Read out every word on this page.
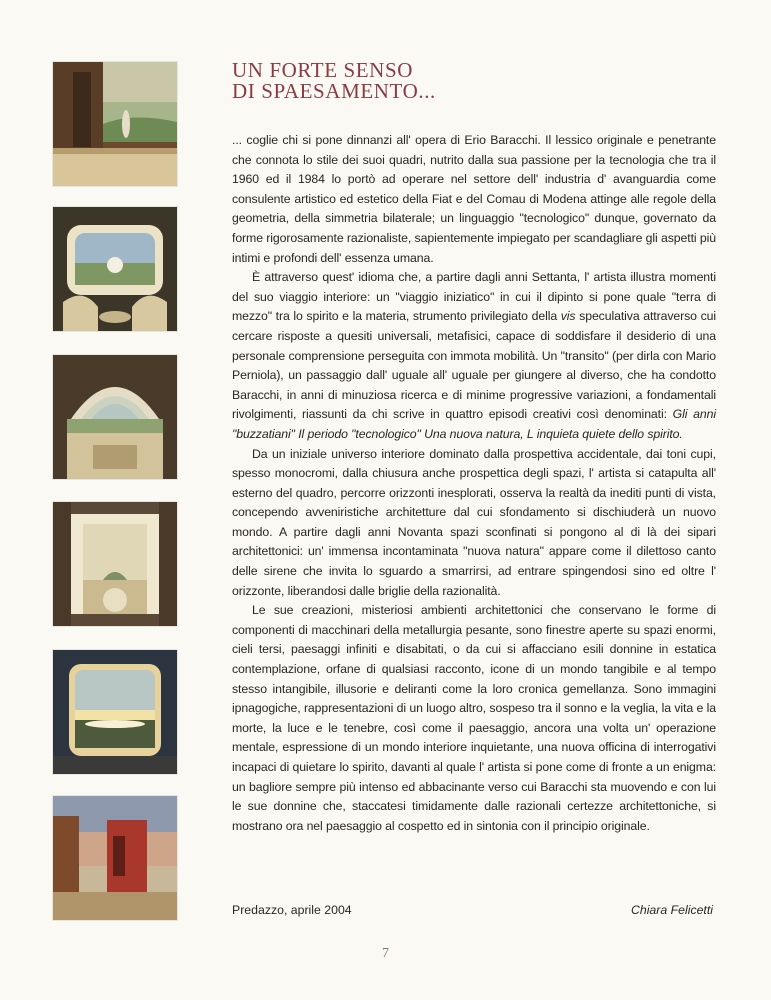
UN FORTE SENSO
DI SPAESAMENTO...

... coglie chi si pone dinnanzi all' opera di Erio Baracchi. Il lessico originale e penetrante che connota lo stile dei suoi quadri, nutrito dalla sua passione per la tecnologia che tra il 1960 ed il 1984 lo portò ad operare nel settore dell' industria d' avanguardia come consulente artistico ed estetico della Fiat e del Comau di Modena attinge alle regole della geometria, della simmetria bilaterale; un linguaggio "tecnologico" dunque, governato da forme rigorosamente razionaliste, sapientemente impiegato per scandagliare gli aspetti più intimi e profondi dell' essenza umana.

È attraverso quest' idioma che, a partire dagli anni Settanta, l' artista illustra momenti del suo viaggio interiore: un "viaggio iniziatico" in cui il dipinto si pone quale "terra di mezzo" tra lo spirito e la materia, strumento privilegiato della vis speculativa attraverso cui cercare risposte a quesiti universali, metafisici, capace di soddisfare il desiderio di una personale comprensione perseguita con immota mobilità. Un "transito" (per dirla con Mario Perniola), un passaggio dall' uguale all' uguale per giungere al diverso, che ha condotto Baracchi, in anni di minuziosa ricerca e di minime progressive variazioni, a fondamentali rivolgimenti, riassunti da chi scrive in quattro episodi creativi così denominati: Gli anni "buzzatiani" Il periodo "tecnologico" Una nuova natura, L inquieta quiete dello spirito.

Da un iniziale universo interiore dominato dalla prospettiva accidentale, dai toni cupi, spesso monocromi, dalla chiusura anche prospettica degli spazi, l' artista si catapulta all' esterno del quadro, percorre orizzonti inesplorati, osserva la realtà da inediti punti di vista, concependo avveniristiche architetture dal cui sfondamento si dischiuderà un nuovo mondo. A partire dagli anni Novanta spazi sconfinati si pongono al di là dei sipari architettonici: un' immensa incontaminata "nuova natura" appare come il dilettoso canto delle sirene che invita lo sguardo a smarrirsi, ad entrare spingendosi sino ed oltre l' orizzonte, liberandosi dalle briglie della razionalità.

Le sue creazioni, misteriosi ambienti architettonici che conservano le forme di componenti di macchinari della metallurgia pesante, sono finestre aperte su spazi enormi, cieli tersi, paesaggi infiniti e disabitati, o da cui si affacciano esili donnine in estatica contemplazione, orfane di qualsiasi racconto, icone di un mondo tangibile e al tempo stesso intangibile, illusorie e deliranti come la loro cronica gemellanza. Sono immagini ipnagogiche, rappresentazioni di un luogo altro, sospeso tra il sonno e la veglia, la vita e la morte, la luce e le tenebre, così come il paesaggio, ancora una volta un' operazione mentale, espressione di un mondo interiore inquietante, una nuova officina di interrogativi incapaci di quietare lo spirito, davanti al quale l' artista si pone come di fronte a un enigma: un bagliore sempre più intenso ed abbacinante verso cui Baracchi sta muovendo e con lui le sue donnine che, staccatesi timidamente dalle razionali certezze architettoniche, si mostrano ora nel paesaggio al cospetto ed in sintonia con il principio originale.

Predazzo, aprile 2004	Chiara Felicetti
7
